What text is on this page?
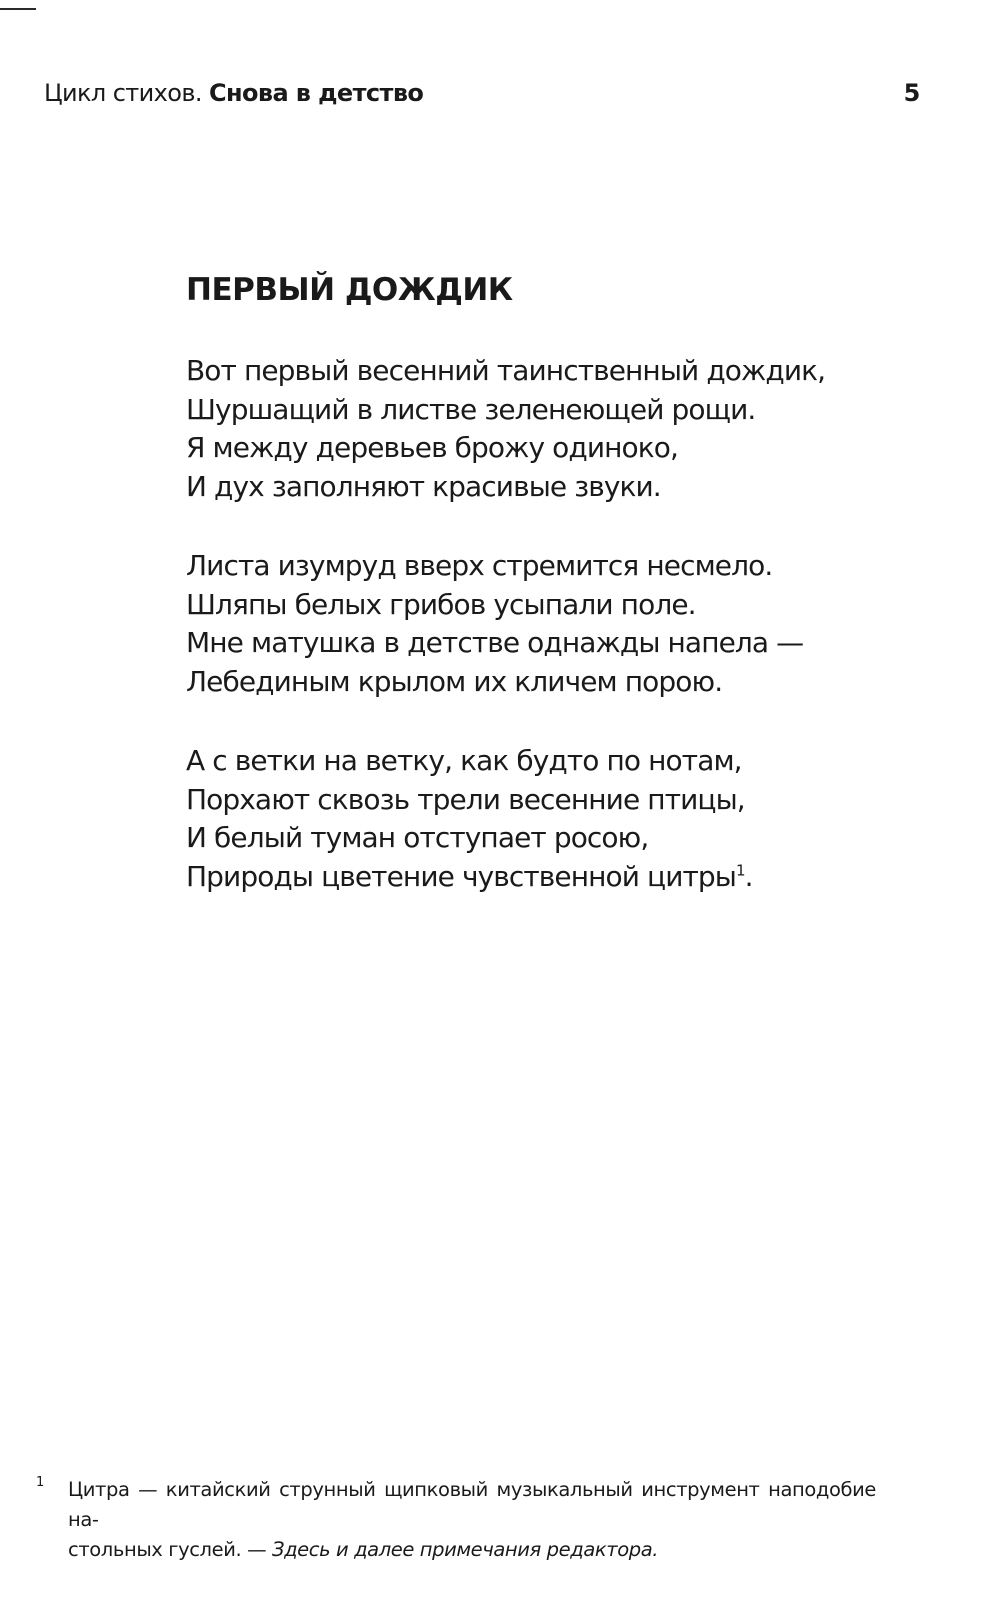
Цикл стихов. Снова в детство	5
ПЕРВЫЙ ДОЖДИК

Вот первый весенний таинственный дождик,
Шуршащий в листве зеленеющей рощи.
Я между деревьев брожу одиноко,
И дух заполняют красивые звуки.

Листа изумруд вверх стремится несмело.
Шляпы белых грибов усыпали поле.
Мне матушка в детстве однажды напела —
Лебединым крылом их кличем порою.

А с ветки на ветку, как будто по нотам,
Порхают сквозь трели весенние птицы,
И белый туман отступает росою,
Природы цветение чувственной цитры$^1$.

1 Цитра — китайский струнный щипковый музыкальный инструмент наподобие на-
стольных гуслей. — Здесь и далее примечания редактора.
